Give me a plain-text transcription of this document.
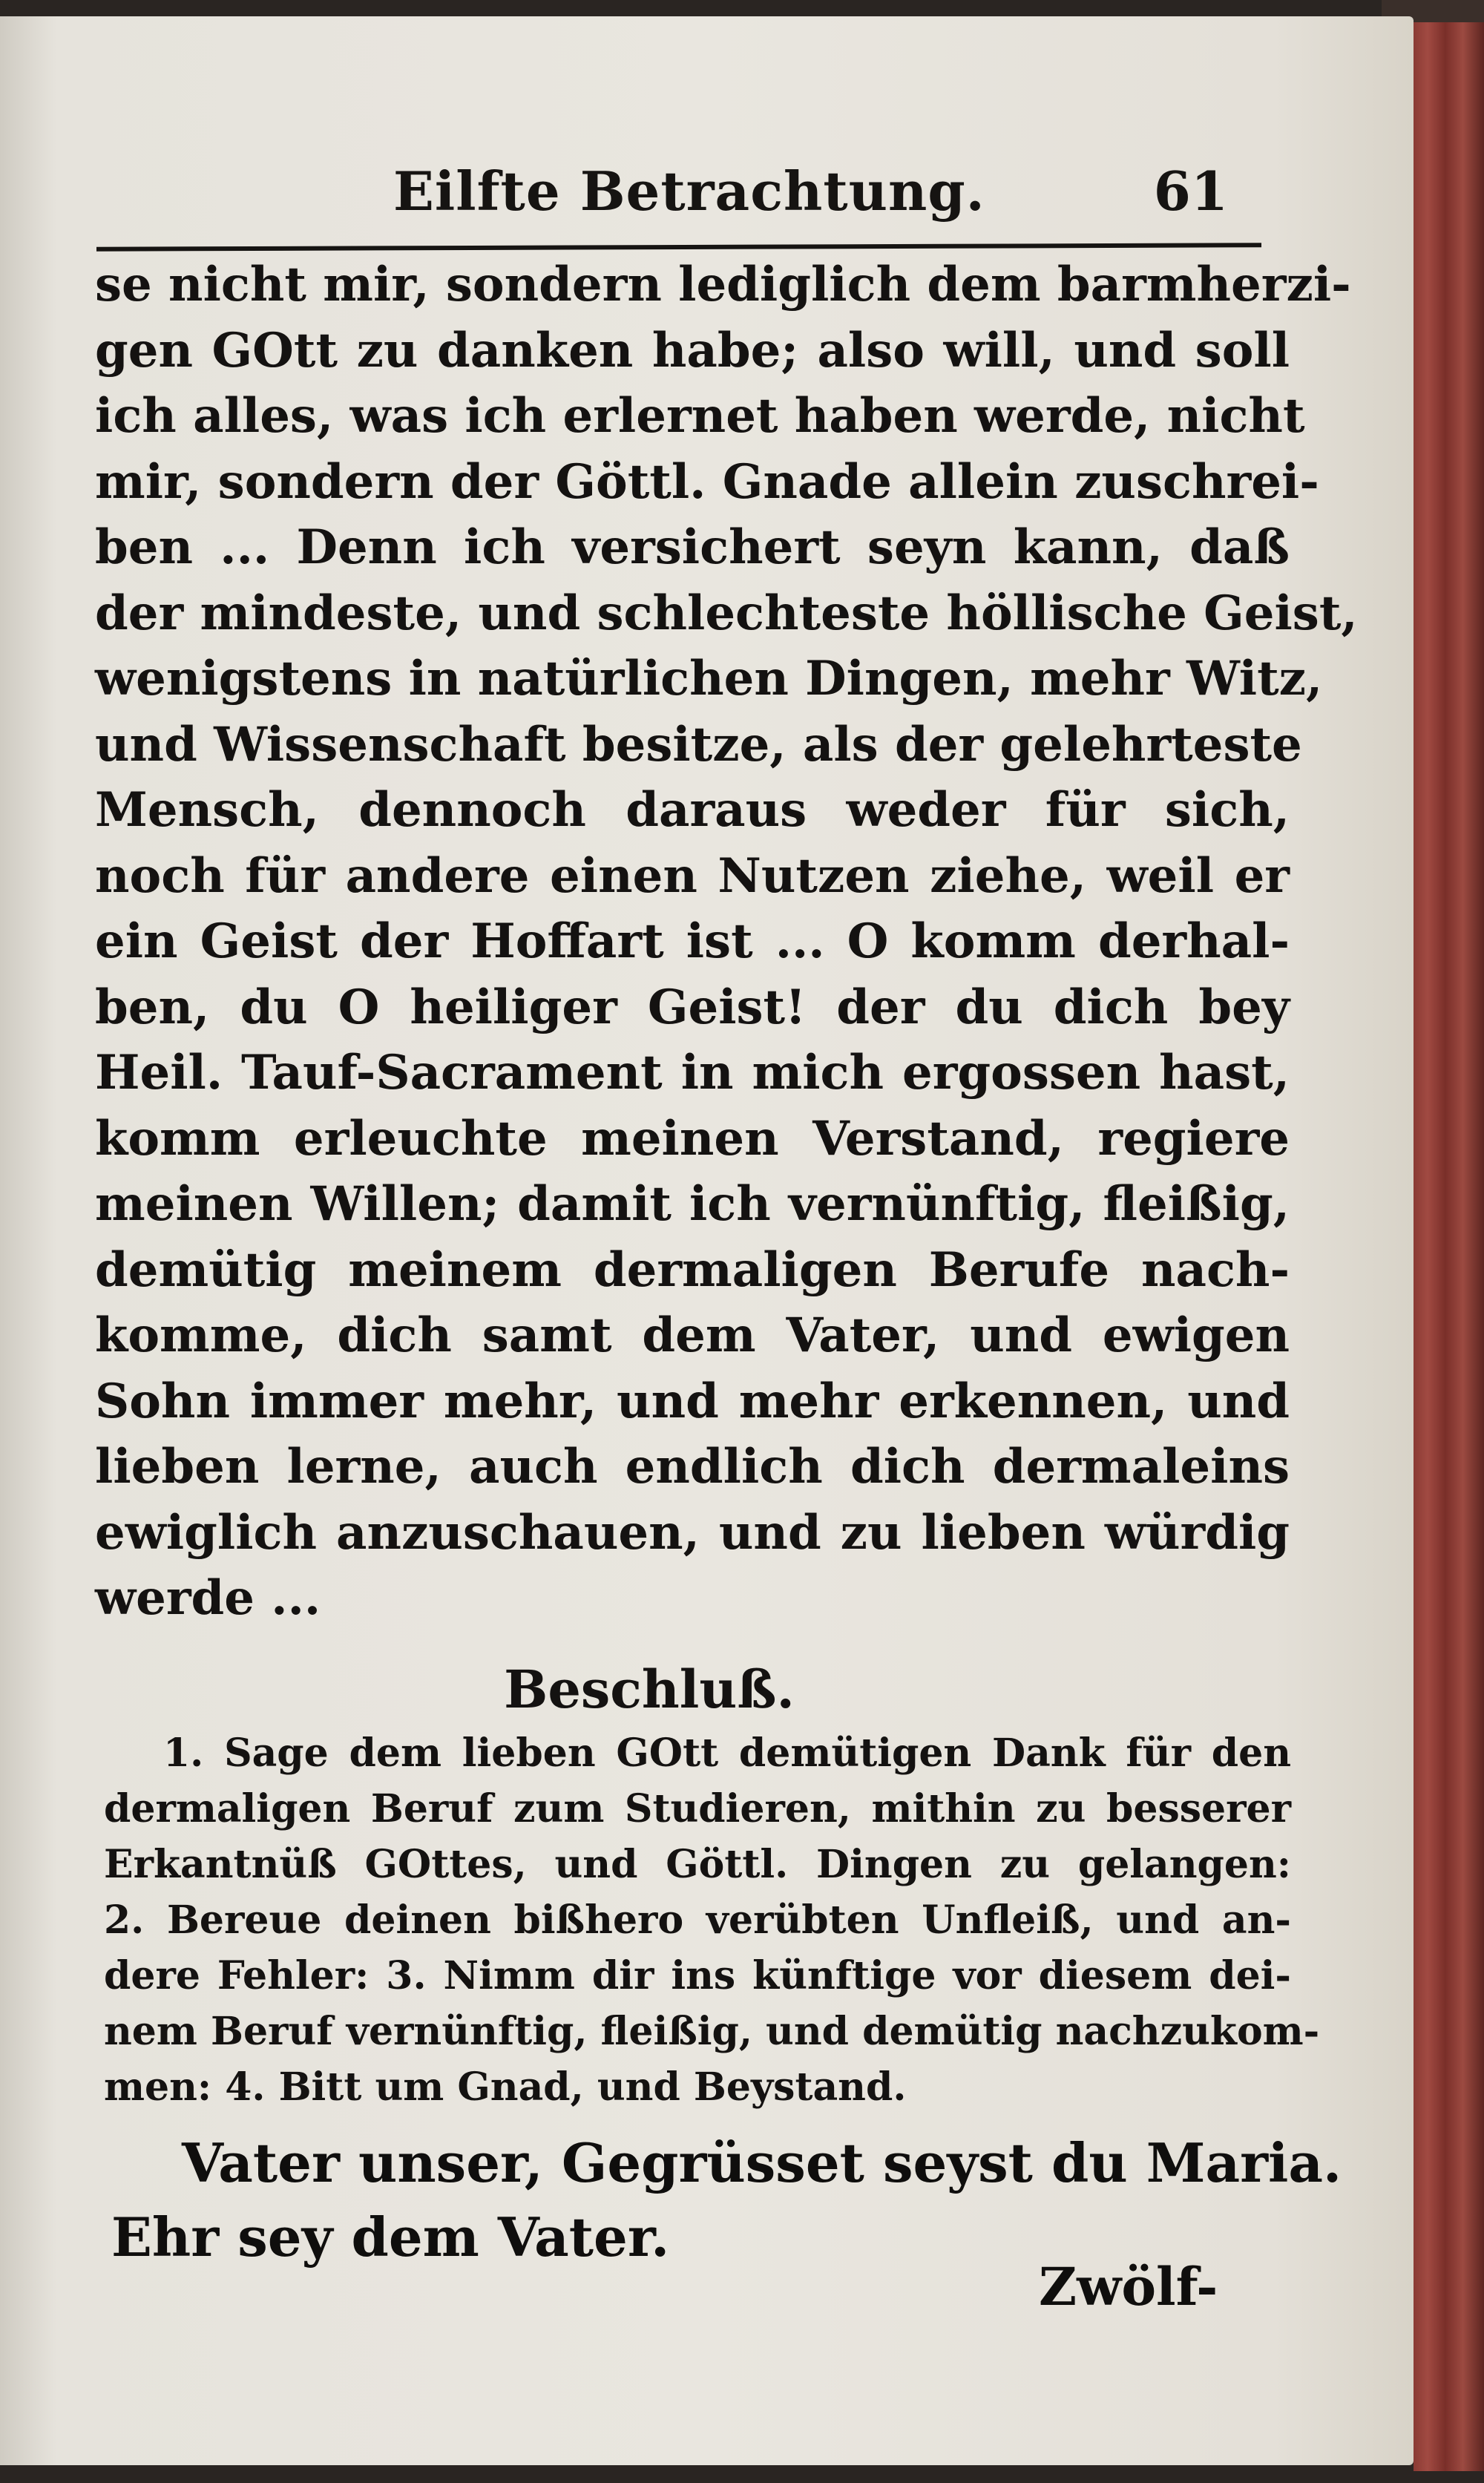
Eilfte Betrachtung.	61
se nicht mir, sondern lediglich dem barmherzi-
gen GOtt zu danken habe; also will, und soll
ich alles, was ich erlernet haben werde, nicht
mir, sondern der Göttl. Gnade allein zuschrei-
ben ... Denn ich versichert seyn kann, daß
der mindeste, und schlechteste höllische Geist,
wenigstens in natürlichen Dingen, mehr Witz,
und Wissenschaft besitze, als der gelehrteste
Mensch, dennoch daraus weder für sich,
noch für andere einen Nutzen ziehe, weil er
ein Geist der Hoffart ist ... O komm derhal-
ben, du O heiliger Geist! der du dich bey
Heil. Tauf-Sacrament in mich ergossen hast,
komm erleuchte meinen Verstand, regiere
meinen Willen; damit ich vernünftig, fleißig,
demütig meinem dermaligen Berufe nach-
komme, dich samt dem Vater, und ewigen
Sohn immer mehr, und mehr erkennen, und
lieben lerne, auch endlich dich dermaleins
ewiglich anzuschauen, und zu lieben würdig
werde ...
Beschluß.
1. Sage dem lieben GOtt demütigen Dank für den
dermaligen Beruf zum Studieren, mithin zu besserer
Erkantnüß GOttes, und Göttl. Dingen zu gelangen:
2. Bereue deinen bißhero verübten Unfleiß, und an-
dere Fehler: 3. Nimm dir ins künftige vor diesem dei-
nem Beruf vernünftig, fleißig, und demütig nachzukom-
men: 4. Bitt um Gnad, und Beystand.
Vater unser, Gegrüsset seyst du Maria.
Ehr sey dem Vater.
Zwölf-
